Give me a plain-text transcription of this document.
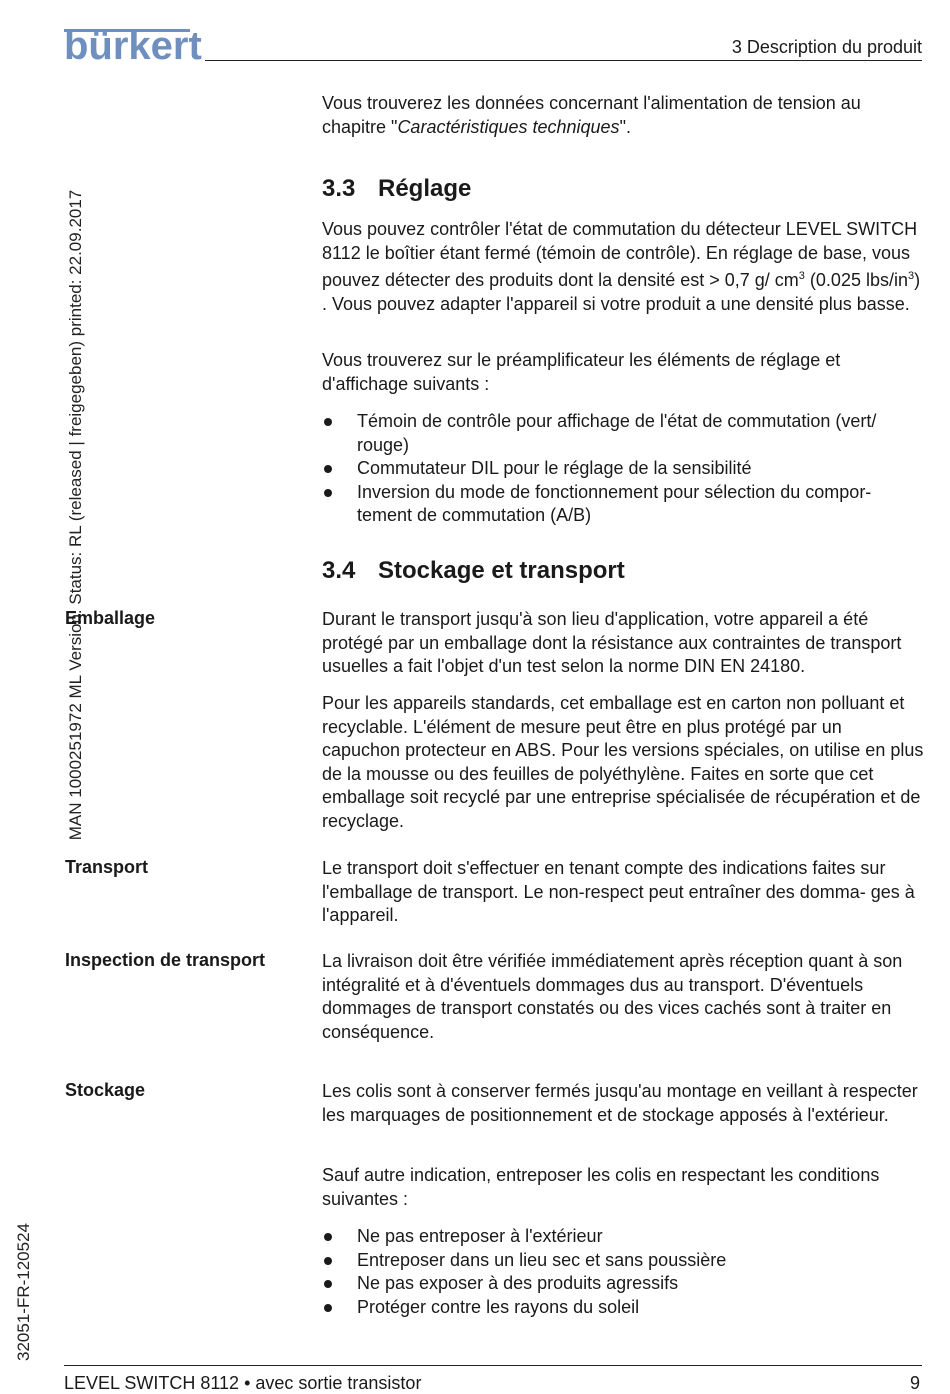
bürkert	3 Description du produit
MAN 1000251972 ML Version: Status: RL (released | freigegeben) printed: 22.09.2017
32051-FR-120524

Vous trouverez les données concernant l'alimentation de tension au chapitre "Caractéristiques techniques".

3.3 Réglage

Vous pouvez contrôler l'état de commutation du détecteur LEVEL SWITCH 8112 le boîtier étant fermé (témoin de contrôle). En réglage de base, vous pouvez détecter des produits dont la densité est > 0,7 g/ $cm^3$ (0.025 lbs/$in^3$) . Vous pouvez adapter l'appareil si votre produit a une densité plus basse.

Vous trouverez sur le préamplificateur les éléments de réglage et d'affichage suivants :

Témoin de contrôle pour affichage de l'état de commutation (vert/ rouge)
Commutateur DIL pour le réglage de la sensibilité
Inversion du mode de fonctionnement pour sélection du compor- tement de commutation (A/B)
3.4 Stockage et transport
Emballage	Durant le transport jusqu'à son lieu d'application, votre appareil a été protégé par un emballage dont la résistance aux contraintes de transport usuelles a fait l'objet d'un test selon la norme DIN EN 24180.

Pour les appareils standards, cet emballage est en carton non polluant et recyclable. L'élément de mesure peut être en plus protégé par un capuchon protecteur en ABS. Pour les versions spéciales, on utilise en plus de la mousse ou des feuilles de polyéthylène. Faites en sorte que cet emballage soit recyclé par une entreprise spécialisée de récupération et de recyclage.

Transport	Le transport doit s'effectuer en tenant compte des indications faites sur l'emballage de transport. Le non-respect peut entraîner des domma- ges à l'appareil.

Inspection de transport	La livraison doit être vérifiée immédiatement après réception quant à son intégralité et à d'éventuels dommages dus au transport. D'éventuels dommages de transport constatés ou des vices cachés sont à traiter en conséquence.

Stockage	Les colis sont à conserver fermés jusqu'au montage en veillant à respecter les marquages de positionnement et de stockage apposés à l'extérieur.

Sauf autre indication, entreposer les colis en respectant les conditions suivantes :

Ne pas entreposer à l'extérieur
Entreposer dans un lieu sec et sans poussière
Ne pas exposer à des produits agressifs
Protéger contre les rayons du soleil
LEVEL SWITCH 8112 • avec sortie transistor	9
